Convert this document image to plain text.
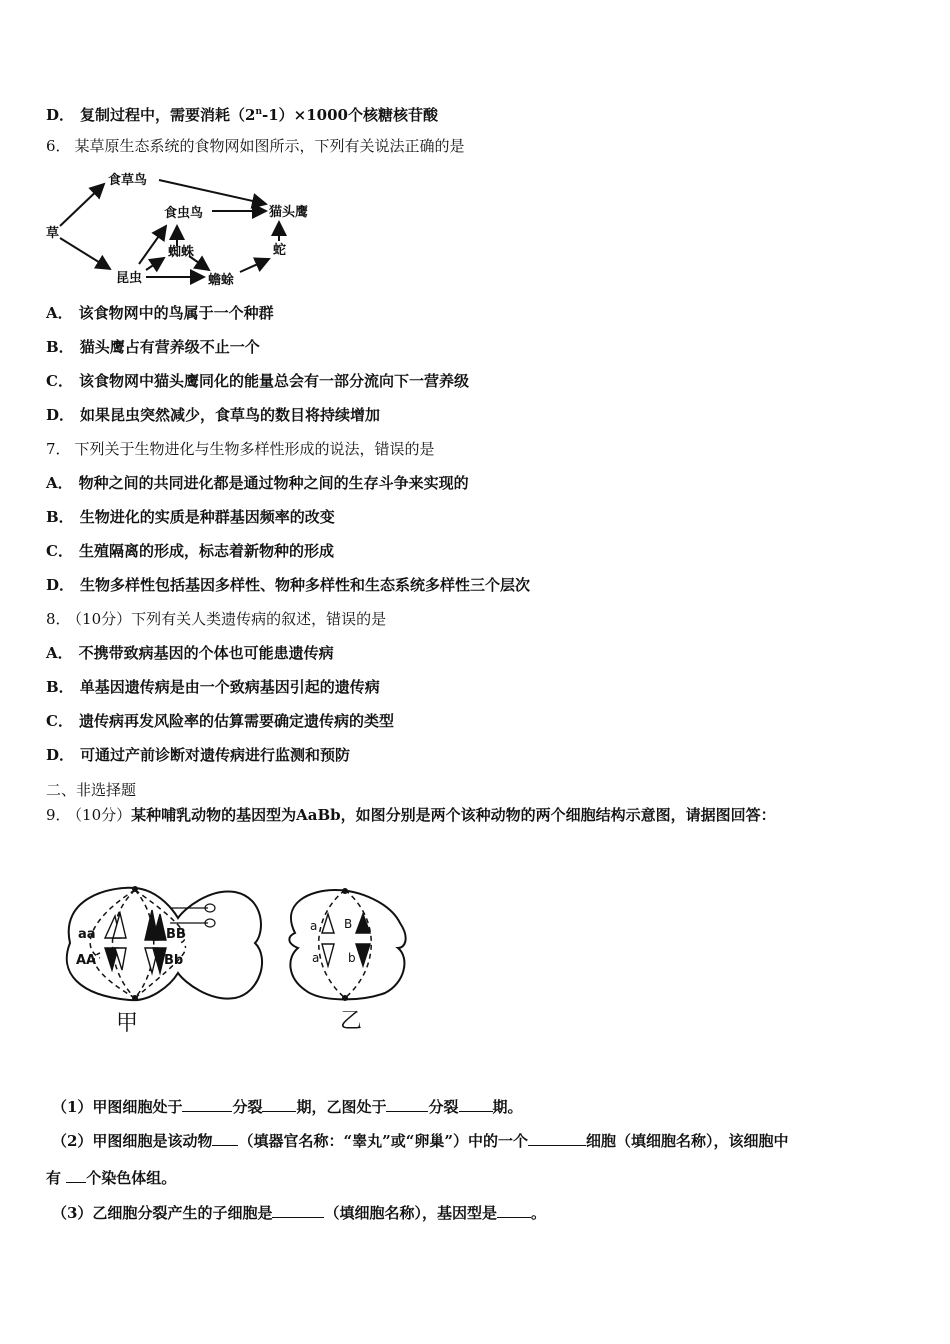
D． 复制过程中，需要消耗$(2^n-1)\times 1000$个核糖核苷酸
6． 某草原生态系统的食物网如图所示，下列有关说法正确的是
草
食草鸟
食虫鸟	猫头鹰
蜘蛛	蛇
昆虫	蟾蜍
A． 该食物网中的鸟属于一个种群
B． 猫头鹰占有营养级不止一个
C． 该食物网中猫头鹰同化的能量总会有一部分流向下一营养级
D． 如果昆虫突然减少，食草鸟的数目将持续增加
7． 下列关于生物进化与生物多样性形成的说法，错误的是
A． 物种之间的共同进化都是通过物种之间的生存斗争来实现的
B． 生物进化的实质是种群基因频率的改变
C． 生殖隔离的形成，标志着新物种的形成
D． 生物多样性包括基因多样性、物种多样性和生态系统多样性三个层次
8． （10分）下列有关人类遗传病的叙述，错误的是
A． 不携带致病基因的个体也可能患遗传病
B． 单基因遗传病是由一个致病基因引起的遗传病
C． 遗传病再发风险率的估算需要确定遗传病的类型
D． 可通过产前诊断对遗传病进行监测和预防
二、非选择题
9． （10分）某种哺乳动物的基因型为AaBb，如图分别是两个该种动物的两个细胞结构示意图，请据图回答：
aa
AA
BB
Bb
甲
a
a
B
b
乙
（1）甲图细胞处于	分裂 期，乙图处于	分裂 期。
（2）甲图细胞是该动物 （填器官名称：“睾丸”或“卵巢”）中的一个	细胞（填细胞名称），该细胞中
有 个染色体组。
（3）乙细胞分裂产生的子细胞是	（填细胞名称），基因型是 。
